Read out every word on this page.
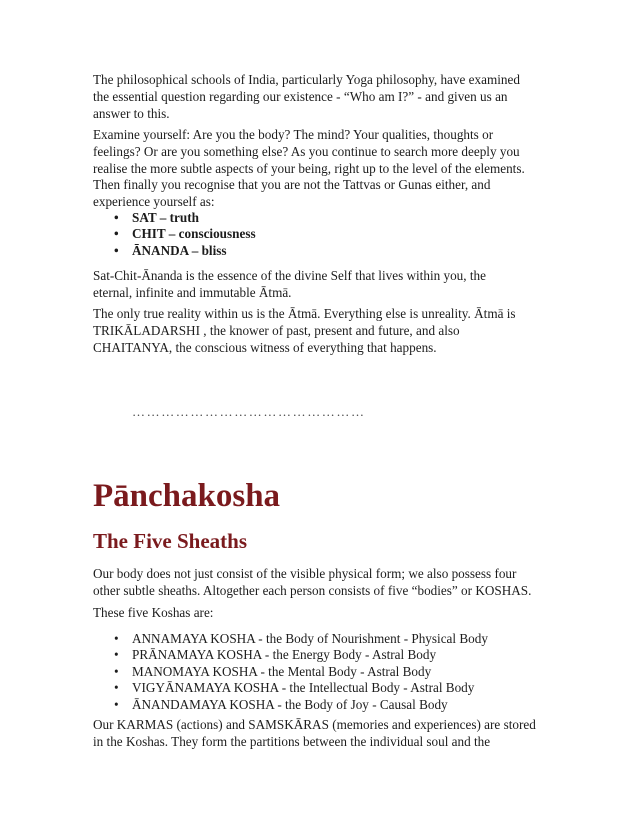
The philosophical schools of India, particularly Yoga philosophy, have examined

the essential question regarding our existence - “Who am I?” - and given us an

answer to this.

Examine yourself: Are you the body? The mind? Your qualities, thoughts or

feelings? Or are you something else? As you continue to search more deeply you

realise the more subtle aspects of your being, right up to the level of the elements.

Then finally you recognise that you are not the Tattvas or Gunas either, and

experience yourself as:

• SAT – truth
• CHIT – consciousness
• ĀNANDA – bliss

Sat-Chit-Ānanda is the essence of the divine Self that lives within you, the

eternal, infinite and immutable Ātmā.

The only true reality within us is the Ātmā. Everything else is unreality. Ātmā is

TRIKĀLADARSHI , the knower of past, present and future, and also

CHAITANYA, the conscious witness of everything that happens.

…………………………………………
Pānchakosha
The Five Sheaths

Our body does not just consist of the visible physical form; we also possess four

other subtle sheaths. Altogether each person consists of five “bodies” or KOSHAS.

These five Koshas are:

• ANNAMAYA KOSHA - the Body of Nourishment - Physical Body
• PRĀNAMAYA KOSHA - the Energy Body - Astral Body
• MANOMAYA KOSHA - the Mental Body - Astral Body
• VIGYĀNAMAYA KOSHA - the Intellectual Body - Astral Body
• ĀNANDAMAYA KOSHA - the Body of Joy - Causal Body

Our KARMAS (actions) and SAMSKĀRAS (memories and experiences) are stored

in the Koshas. They form the partitions between the individual soul and the
